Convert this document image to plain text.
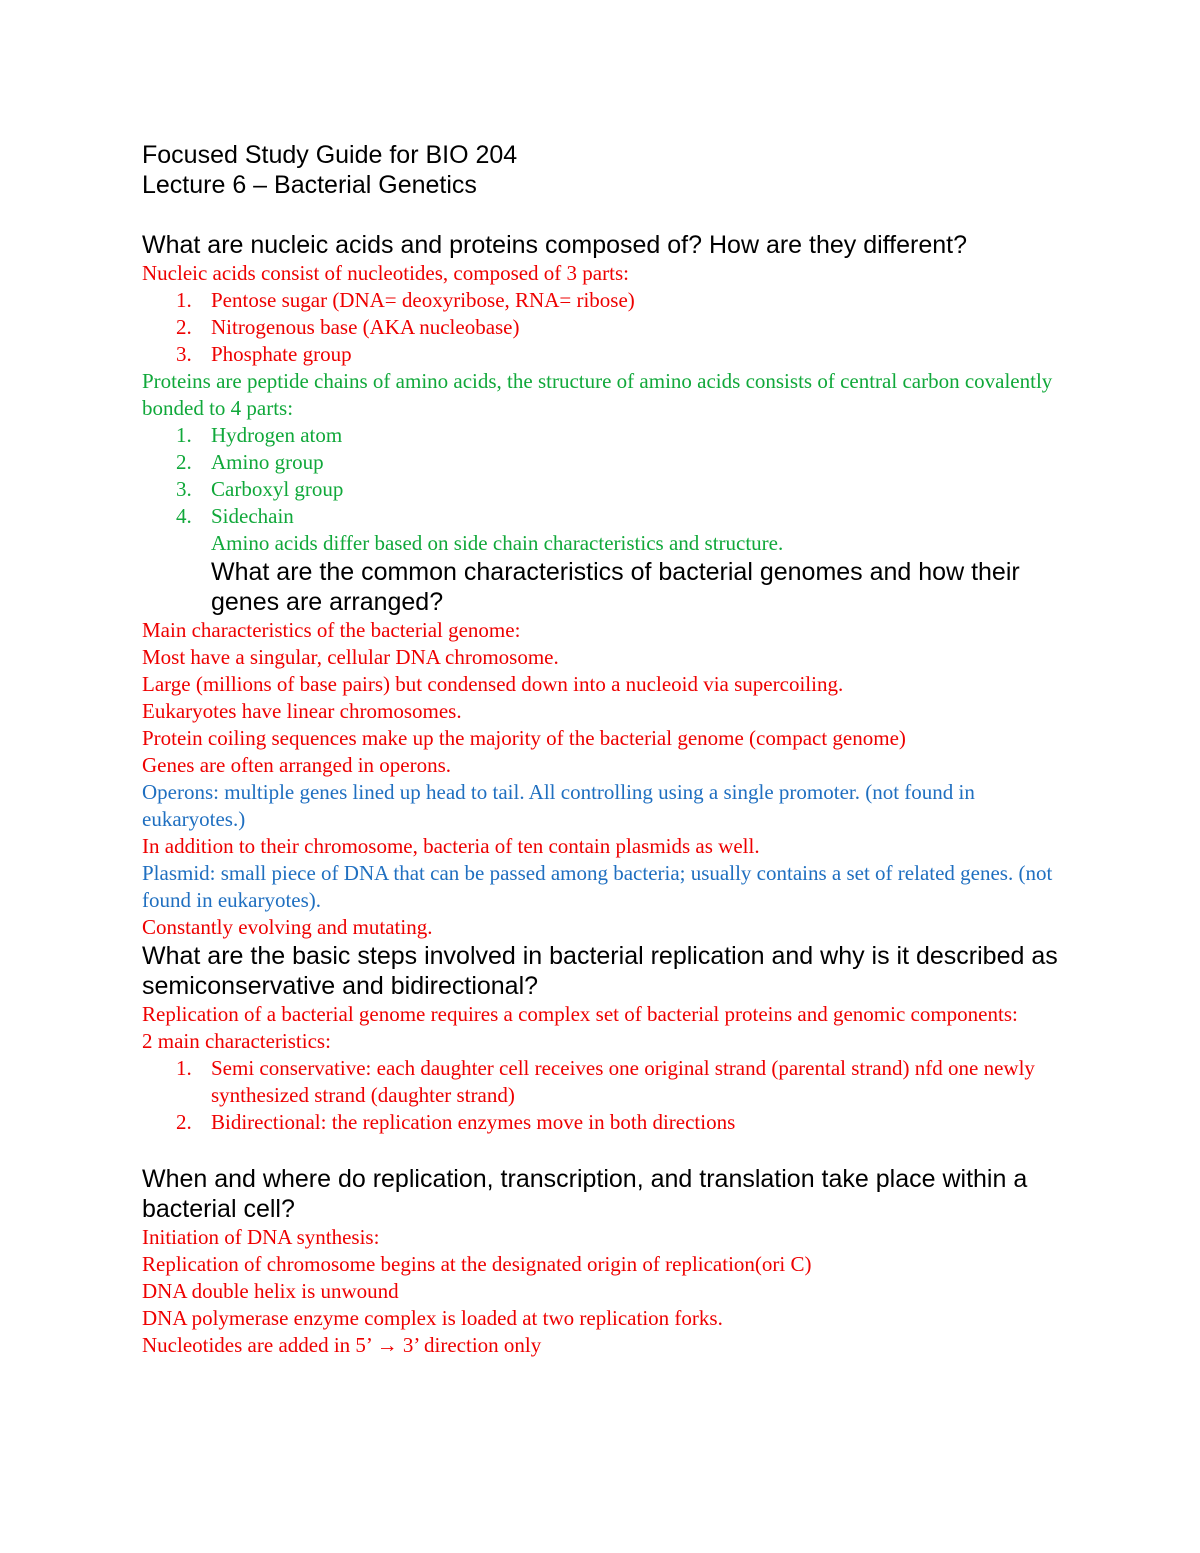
Focused Study Guide for BIO 204

Lecture 6 – Bacterial Genetics

What are nucleic acids and proteins composed of? How are they different?

Nucleic acids consist of nucleotides, composed of 3 parts:

1. Pentose sugar (DNA= deoxyribose, RNA= ribose)
2. Nitrogenous base (AKA nucleobase)
3. Phosphate group

Proteins are peptide chains of amino acids, the structure of amino acids consists of central carbon covalently bonded to 4 parts:

1. Hydrogen atom
2. Amino group
3. Carboxyl group
4. Sidechain

Amino acids differ based on side chain characteristics and structure.

What are the common characteristics of bacterial genomes and how their genes are arranged?

Main characteristics of the bacterial genome:

Most have a singular, cellular DNA chromosome.

Large (millions of base pairs) but condensed down into a nucleoid via supercoiling.

Eukaryotes have linear chromosomes.

Protein coiling sequences make up the majority of the bacterial genome (compact genome)

Genes are often arranged in operons.

Operons: multiple genes lined up head to tail. All controlling using a single promoter. (not found in eukaryotes.)

In addition to their chromosome, bacteria of ten contain plasmids as well.

Plasmid: small piece of DNA that can be passed among bacteria; usually contains a set of related genes. (not found in eukaryotes).

Constantly evolving and mutating.

What are the basic steps involved in bacterial replication and why is it described as semiconservative and bidirectional?

Replication of a bacterial genome requires a complex set of bacterial proteins and genomic components:

2 main characteristics:

1. Semi conservative: each daughter cell receives one original strand (parental strand) nfd one newly synthesized strand (daughter strand)
2. Bidirectional: the replication enzymes move in both directions

When and where do replication, transcription, and translation take place within a bacterial cell?

Initiation of DNA synthesis:

Replication of chromosome begins at the designated origin of replication(ori C)

DNA double helix is unwound

DNA polymerase enzyme complex is loaded at two replication forks.

Nucleotides are added in 5’ → 3’ direction only
